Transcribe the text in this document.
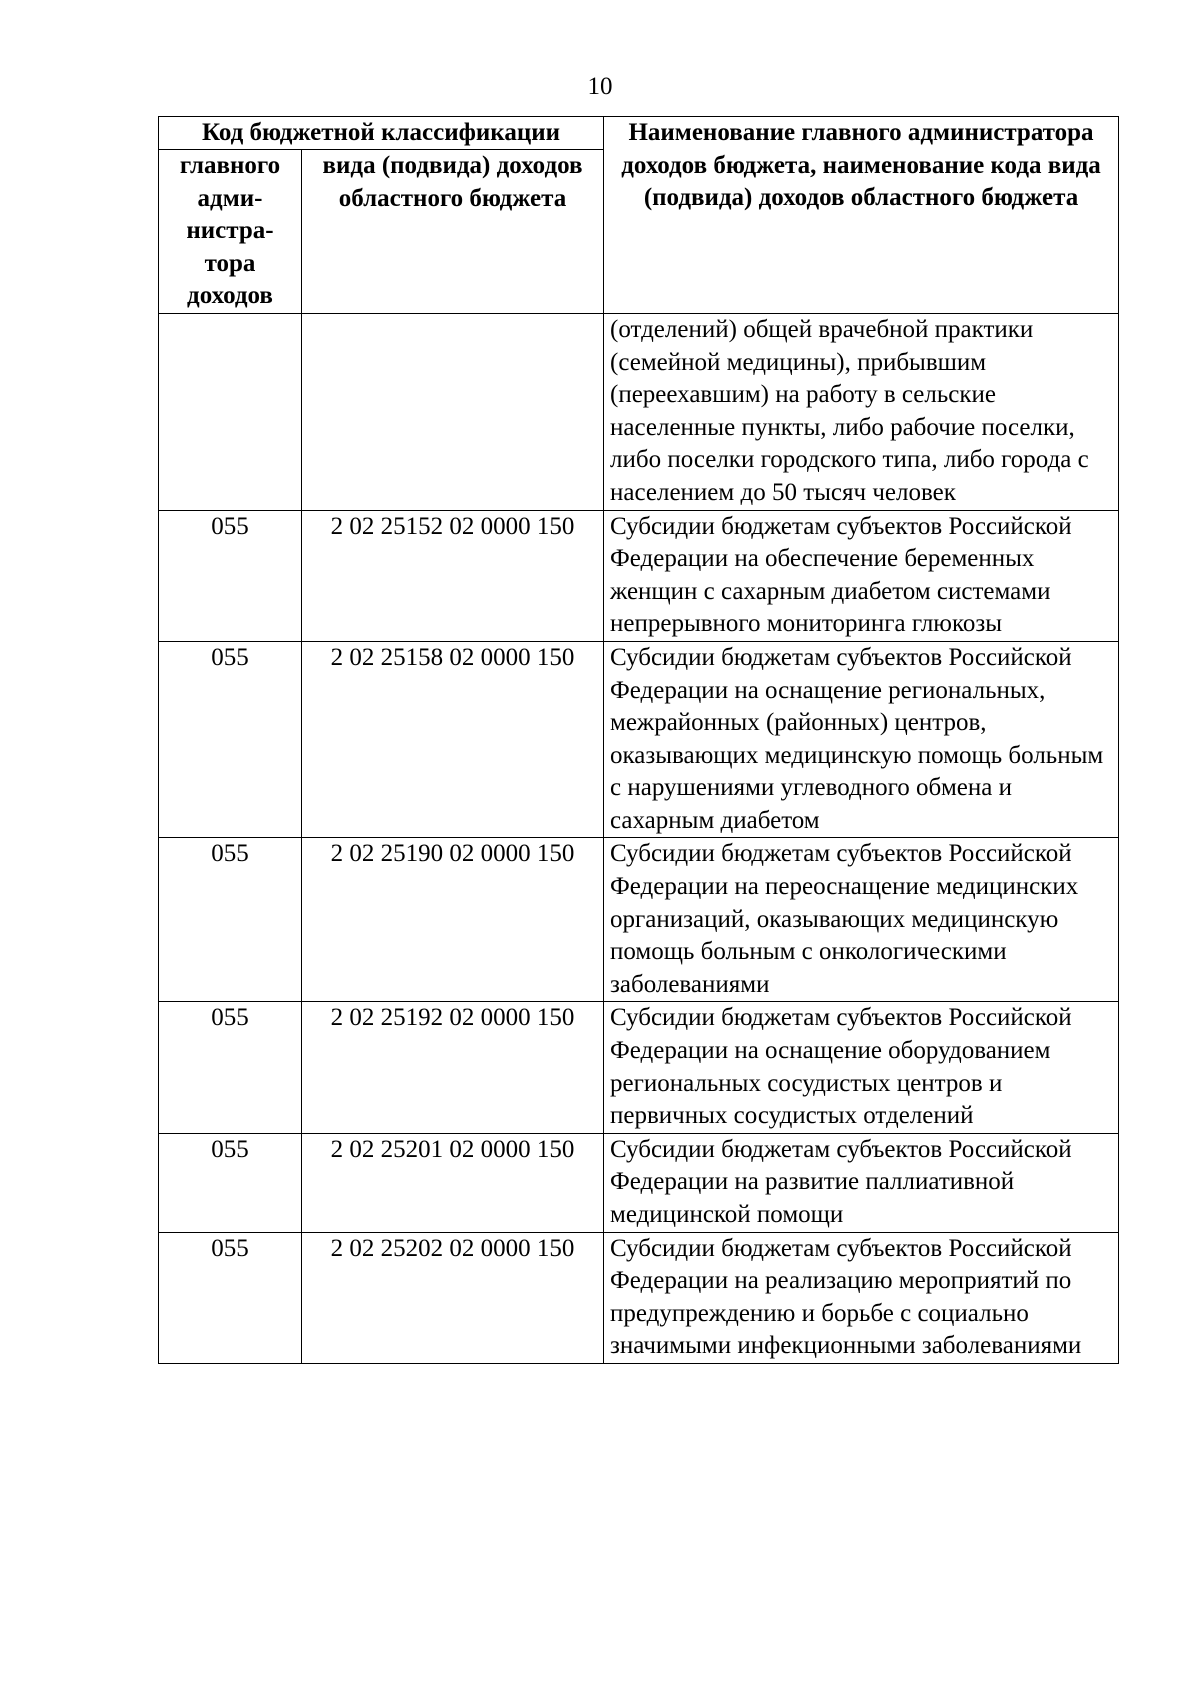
10
Код бюджетной классификации		Наименование главного администратора доходов бюджета, наименование кода вида (подвида) доходов областного бюджета
главного адми-нистра-тора доходов	вида (подвида) доходов областного бюджета	
		(отделений) общей врачебной практики (семейной медицины), прибывшим (переехавшим) на работу в сельские населенные пункты, либо рабочие поселки, либо поселки городского типа, либо города с населением до 50 тысяч человек
055	2 02 25152 02 0000 150	Субсидии бюджетам субъектов Российской Федерации на обеспечение беременных женщин с сахарным диабетом системами непрерывного мониторинга глюкозы
055	2 02 25158 02 0000 150	Субсидии бюджетам субъектов Российской Федерации на оснащение региональных, межрайонных (районных) центров, оказывающих медицинскую помощь больным с нарушениями углеводного обмена и сахарным диабетом
055	2 02 25190 02 0000 150	Субсидии бюджетам субъектов Российской Федерации на переоснащение медицинских организаций, оказывающих медицинскую помощь больным с онкологическими заболеваниями
055	2 02 25192 02 0000 150	Субсидии бюджетам субъектов Российской Федерации на оснащение оборудованием региональных сосудистых центров и первичных сосудистых отделений
055	2 02 25201 02 0000 150	Субсидии бюджетам субъектов Российской Федерации на развитие паллиативной медицинской помощи
055	2 02 25202 02 0000 150	Субсидии бюджетам субъектов Российской Федерации на реализацию мероприятий по предупреждению и борьбе с социально значимыми инфекционными заболеваниями
